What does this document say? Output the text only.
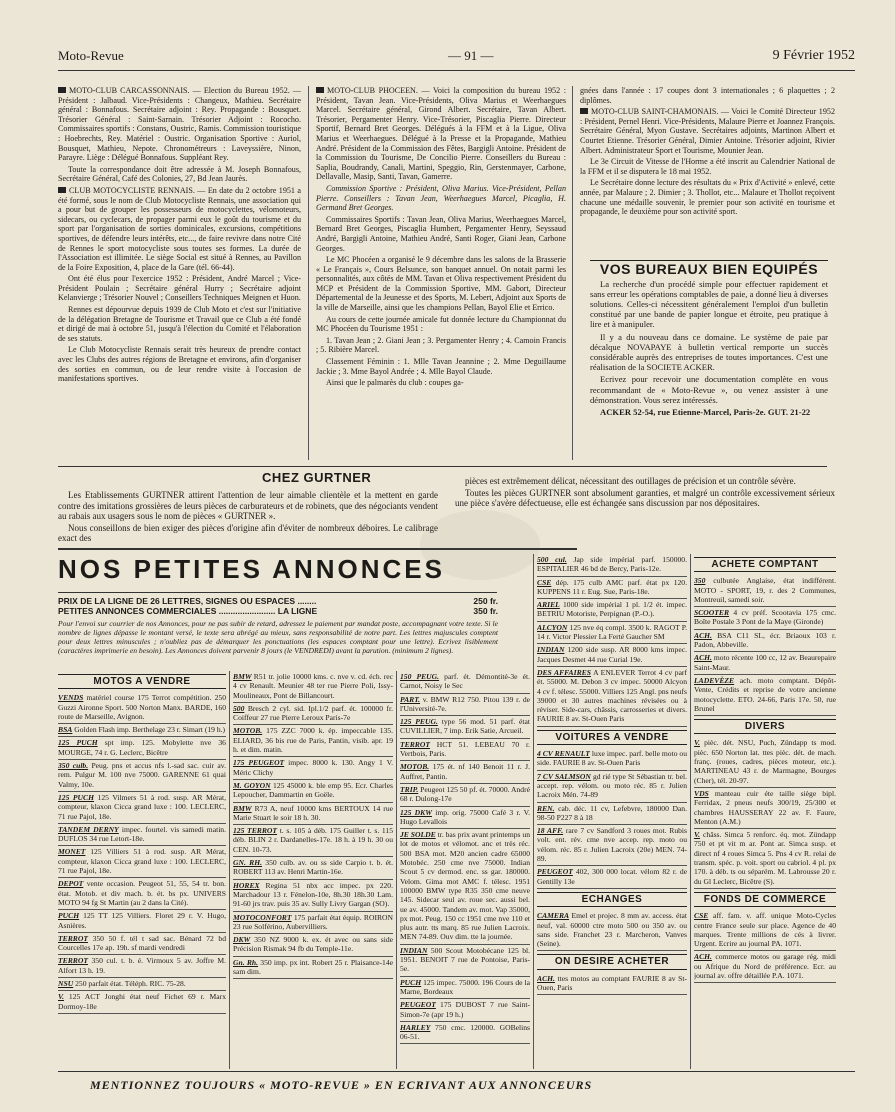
Moto-Revue	— 91 —	9 Février 1952

MOTO-CLUB CARCASSONNAIS. — Election du Bureau 1952. — Président : Jalbaud. Vice-Présidents : Changeux, Mathieu. Secrétaire général : Bonnafous. Secrétaire adjoint : Rey. Propagande : Bousquet. Trésorier Général : Saint-Sarnain. Trésorier Adjoint : Rococho. Commissaires sportifs : Constans, Oustric, Ramis. Commission touristique : Hoebrechts, Rey. Matériel : Oustric. Organisation Sportive : Auriol, Bousquet, Mathieu, Nepote. Chronométreurs : Laveyssière, Ninon, Parayre. Liège : Délégué Bonnafous. Suppléant Rey.

Toute la correspondance doit être adressée à M. Joseph Bonnafous, Secrétaire Général, Café des Colonies, 27, Bd Jean Jaurès.

CLUB MOTOCYCLISTE RENNAIS. — En date du 2 octobre 1951 a été formé, sous le nom de Club Motocycliste Rennais, une association qui a pour but de grouper les possesseurs de motocyclettes, vélomoteurs, sidecars, ou cyclecars, de propager parmi eux le goût du tourisme et du sport par l'organisation de sorties dominicales, excursions, compétitions sportives, de défendre leurs intérêts, etc..., de faire revivre dans notre Cité de Rennes le sport motocycliste sous toutes ses formes. La durée de l'Association est illimitée. Le siège Social est situé à Rennes, au Pavillon de la Foire Exposition, 4, place de la Gare (tél. 66-44).

Ont été élus pour l'exercice 1952 : Président, André Marcel ; Vice-Président Poulain ; Secrétaire général Hurry ; Secrétaire adjoint Kelanvierge ; Trésorier Nouvel ; Conseillers Techniques Meignen et Huon.

Rennes est dépourvue depuis 1939 de Club Moto et c'est sur l'initiative de la délégation Bretagne de Tourisme et Travail que ce Club a été fondé et dirigé de mai à octobre 51, jusqu'à l'élection du Comité et l'élaboration de ses statuts.

Le Club Motocycliste Rennais serait très heureux de prendre contact avec les Clubs des autres régions de Bretagne et environs, afin d'organiser des sorties en commun, ou de leur rendre visite à l'occasion de manifestations sportives.

MOTO-CLUB PHOCEEN. — Voici la composition du bureau 1952 : Président, Tavan Jean. Vice-Présidents, Oliva Marius et Weerhaegues Marcel. Secrétaire général, Girond Albert. Secrétaire, Tavan Albert. Trésorier, Pergamenter Henry. Vice-Trésorier, Piscaglia Pierre. Directeur Sportif, Bernard Bret Georges. Délégués à la FFM et à la Ligue, Oliva Marius et Weerhaegues. Délégué à la Presse et la Propagande, Mathieu André. Président de la Commission des Fêtes, Bargigli Antoine. Président de la Commission du Tourisme, De Concilio Pierre. Conseillers du Bureau : Saplia, Boudrandy, Canali, Martini, Speggio, Rin, Gerstenmayer, Carbone, Dellavalle, Masip, Santi, Tavan, Gamerre.

Commission Sportive : Président, Oliva Marius. Vice-Président, Pellan Pierre. Conseillers : Tavan Jean, Weerhaegues Marcel, Picaglia, H. Germand Bret Georges.

Commissaires Sportifs : Tavan Jean, Oliva Marius, Weerhaegues Marcel, Bernard Bret Georges, Piscaglia Humbert, Pergamenter Henry, Seyssaud André, Bargigli Antoine, Mathieu André, Santi Roger, Giani Jean, Carbone Georges.

Le MC Phocéen a organisé le 9 décembre dans les salons de la Brasserie « Le Français », Cours Belsunce, son banquet annuel. On notait parmi les personnalités, aux côtés de MM. Tavan et Oliva respectivement Président du MCP et Président de la Commission Sportive, MM. Gabort, Directeur Départemental de la Jeunesse et des Sports, M. Lebert, Adjoint aux Sports de la ville de Marseille, ainsi que les champions Pellan, Bayol Elie et Errico.

Au cours de cette journée amicale fut donnée lecture du Championnat du MC Phocéen du Tourisme 1951 :

1. Tavan Jean ; 2. Giani Jean ; 3. Pergamenter Henry ; 4. Camoin Francis ; 5. Ribière Marcel.

Classement Féminin : 1. Mlle Tavan Jeannine ; 2. Mme Deguillaume Jackie ; 3. Mme Bayol Andrée ; 4. Mlle Bayol Claude.

Ainsi que le palmarès du club : coupes ga-

gnées dans l'année : 17 coupes dont 3 internationales ; 6 plaquettes ; 2 diplômes.

MOTO-CLUB SAINT-CHAMONAIS. — Voici le Comité Directeur 1952 : Président, Pernel Henri. Vice-Présidents, Malaure Pierre et Joannez François. Secrétaire Général, Myon Gustave. Secrétaires adjoints, Martinon Albert et Courtet Etienne. Trésorier Général, Dimier Antoine. Trésorier adjoint, Rivier Albert. Administrateur Sport et Tourisme, Mounier Jean.

Le 3e Circuit de Vitesse de l'Horme a été inscrit au Calendrier National de la FFM et il se disputera le 18 mai 1952.

Le Secrétaire donne lecture des résultats du « Prix d'Activité » enlevé, cette année, par Malaure ; 2. Dimier ; 3. Thollot, etc... Malaure et Thollot reçoivent chacune une médaille souvenir, le premier pour son activité en tourisme et propagande, le deuxième pour son activité sport.

VOS BUREAUX BIEN EQUIPÉS

La recherche d'un procédé simple pour effectuer rapidement et sans erreur les opérations comptables de paie, a donné lieu à diverses solutions. Celles-ci nécessitent généralement l'emploi d'un bulletin constitué par une bande de papier longue et étroite, peu pratique à lire et à manipuler.

Il y a du nouveau dans ce domaine. Le système de paie par décalque NOVAPAYE à bulletin vertical remporte un succès considérable auprès des entreprises de toutes importances. C'est une réalisation de la SOCIETE ACKER.

Ecrivez pour recevoir une documentation complète en vous recommandant de « Moto-Revue », ou venez assister à une démonstration. Vous serez intéressés.

ACKER 52-54, rue Etienne-Marcel, Paris-2e. GUT. 21-22

CHEZ GURTNER

Les Etablissements GURTNER attirent l'attention de leur aimable clientèle et la mettent en garde contre des imitations grossières de leurs pièces de carburateurs et de robinets, que des négociants vendent au rabais aux usagers sous le nom de pièces « GURTNER ».

Nous conseillons de bien exiger des pièces d'origine afin d'éviter de nombreux déboires. Le calibrage exact des

pièces est extrêmement délicat, nécessitant des outillages de précision et un contrôle sévère.

Toutes les pièces GURTNER sont absolument garanties, et malgré un contrôle excessivement sérieux une pièce s'avère défectueuse, elle est échangée sans discussion par nos dépositaires.

NOS PETITES ANNONCES
PRIX DE LA LIGNE DE 26 LETTRES, SIGNES OU ESPACES ........	250 fr.
PETITES ANNONCES COMMERCIALES ........................ LA LIGNE	350 fr.
Pour l'envoi sur courrier de nos Annonces, pour ne pas subir de retard, adressez le paiement par mandat poste, accompagnant votre texte. Si le nombre de lignes dépasse le montant versé, le texte sera abrégé au mieux, sans responsabilité de notre part. Les lettres majuscules comptent pour deux lettres minuscules ; n'oubliez pas de démarquer les ponctuations (les espaces comptant pour une lettre). Ecrivez lisiblement (caractères imprimerie en besoin). Les Annonces doivent parvenir 8 jours (le VENDREDI) avant la parution. (minimum 2 lignes).
MOTOS A VENDRE
VENDS matériel course 175 Terrot compétition. 250 Guzzi Aironne Sport. 500 Norton Manx. BARDE, 160 route de Marseille, Avignon.
BSA Golden Flash imp. Berthelage 23 r. Simart (19 h.)
125 PUCH spt imp. 125. Mobylette nve 36 MOURGE, 74 r. G. Leclerc, Bicêtre
350 culb. Peug. pns et accus nfs l.-sad sac. cuir av. rem. Pulgur M. 100 nve 75000. GARENNE 61 quai Valmy, 10e.
125 PUCH 125 Vilmers 51 à rod. susp. AR Mérat, compteur, klaxon Cicca grand luxe : 100. LECLERC, 71 rue Pajol, 18e.
TANDEM DERNY impec. fourtel. vis samedi matin. DUFLOS 34 rue Letort-18e.
MONET 125 Villiers 51 à rod. susp. AR Mérat, compteur, klaxon Cicca grand luxe : 100. LECLERC, 71 rue Pajol, 18e.
DEPOT vente occasion. Peugeot 51, 55, 54 tr. bon. état. Motob. et div mach. b. ét. bs px. UNIVERS MOTO 94 fg St Martin (au 2 dans la Cité).
PUCH 125 TT 125 Villiers. Floret 29 r. V. Hugo, Asnières.
TERROT 350 50 f. tél t sad sac. Bénard 72 bd Courcelles 17e ap. 19h. sf mardi vendredi
TERROT 350 cul. t. b. é. Virmoux 5 av. Joffre M. Alfort 13 h. 19.
NSU 250 parfait état. Téléph. RIC. 75-28.
V. 125 ACT Jonghi état neuf Fichet 69 r. Marx Dormoy-18e
BMW R51 tr. jolie 10000 kms. c. nve v. cd. éch. rec 4 cv Renault. Meunier 48 ter rue Pierre Poli, Issy-Moulineaux, Pont de Billancourt.
500 Bresch 2 cyl. sid. Ipl.1/2 parf. ét. 100000 fr. Coiffeur 27 rue Pierre Leroux Paris-7e
MOTOB. 175 ZZC 7000 k. ép. impeccable 135. ELIARD, 36 bis rue de Paris, Pantin, visib. apr. 19 h. et dim. matin.
175 PEUGEOT impec. 8000 k. 130. Angy 1 V. Méric Clichy
M. GOYON 125 45000 k. ble emp 95. Ecr. Charles Lepoucher, Dammartin en Goële.
BMW R73 A, neuf 10000 kms BERTOUX 14 rue Marie Stuart le soir 18 h. 30.
125 TERROT t. s. 105 à déb. 175 Guiller t. s. 115 déb. BLIN 2 r. Dardanelles-17e. 18 h. à 19 h. 30 ou CEN. 10-73.
GN. RH. 350 culb. av. ou ss side Carpio t. b. ét. ROBERT 113 av. Henri Martin-16e.
HOREX Regina 51 nbx acc impec. px 220. Marchadour 13 r. Fénelon-10e, 8h.30 18h.30 Lam. 91-60 jrs trav. puis 35 av. Sully Livry Gargan (SO).
MOTOCONFORT 175 parfait état équip. ROIRON 23 rue Solférino, Aubervilliers.
DKW 350 NZ 9000 k. ex. ét avec ou sans side Précision Rismak 94 fb du Temple-11e.
Gn. Rh. 350 imp. px int. Robert 25 r. Plaisance-14e sam dim.
150 PEUG. parf. ét. Démontité-3e ét. Carnot, Noisy le Sec
PART. v. BMW R12 750. Pitou 139 r. de l'Université-7e.
125 PEUG. type 56 mod. 51 parf. état CUVILLIER, 7 imp. Erik Satie, Arcueil.
TERROT HCT 51. LEBEAU 70 r. Vertbois, Paris.
MOTOB. 175 ét. nf 140 Benoit 11 r. J. Auffret, Pantin.
TRIP. Peugeot 125 50 pf. ét. 70000. André 68 r. Dulong-17e
125 DKW imp. orig. 75000 Café 3 r. V. Hugo Levallois
JE SOLDE tr. bas prix avant printemps un lot de motos et vélomot. anc et très réc. 500 BSA mot. M20 ancien cadre 65000 Motobéc. 250 cme nve 75000. Indian Scout 5 cv dermod. enc. ss gar. 180000. Velom. Gima mot AMC f. télesc. 1951 100000 BMW type R35 350 cme neuve 145. Sidecar seul av. roue sec. aussi bel. ue av. 45000. Tandem av. mot. Vap 35000, px mot. Peug. 150 cc 1951 cme nve 110 et plus autr. tts marq. 85 rue Julien Lacroix. MEN 74-89. Ouv dim. tte la journée.
INDIAN 500 Scout Motobécane 125 bl. 1951. BENOIT 7 rue de Pontoise, Paris-5e.
PUCH 125 impec. 75000. 196 Cours de la Marne, Bordeaux
PEUGEOT 175 DUBOST 7 rue Saint-Simon-7e (apr 19 h.)
HARLEY 750 cmc. 120000. GOBelins 06-51.
500 cul. Jap side impérial parf. 150000. ESPITALIER 46 bd de Bercy, Paris-12e.
CSE dép. 175 culb AMC parf. état px 120. KUPPENS 11 r. Eug. Sue, Paris-18e.
ARIEL 1000 side impérial 1 pl. 1/2 ét. impec. BETRIU Motoriste, Perpignan (P.-O.).
ALCYON 125 nve éq compl. 3500 k. RAGOT P. 14 r. Victor Plessier La Ferté Gaucher SM
INDIAN 1200 side susp. AR 8000 kms impec. Jacques Desmet 44 rue Curial 19e.
DES AFFAIRES A ENLEVER Terrot 4 cv parf ét. 55000. M. Debon 3 cv impec. 50000 Alcyon 4 cv f. télesc. 55000. Villiers 125 Angl. pns neufs 39000 et 30 autres machines révisées ou à réviser. Side-cars, châssis, carrosseries et divers. FAURIE 8 av. St-Ouen Paris
VOITURES A VENDRE
4 CV RENAULT luxe impec. parf. belle moto ou side. FAURIE 8 av. St-Ouen Paris
7 CV SALMSON gd rié type St Sébastian tr. bel. accept. rep. vélom. ou moto réc. 85 r. Julien Lacroix Mén. 74-89
REN. cab. déc. 11 cv, Lefebvre, 180000 Dan. 98-50 P227 8 à 18
18 AFF. rare 7 cv Sandford 3 roues mot. Rubis volt. ent. rév. cme nve accep. rep. moto ou vélom. réc. 85 r. Julien Lacroix (20e) MEN. 74-89.
PEUGEOT 402, 300 000 locat. vélom 82 r. de Gentilly 13e
ECHANGES
CAMERA Emel et projec. 8 mm av. access. état neuf, val. 60000 ctre moto 500 ou 350 av. ou sans side. Franchet 23 r. Marcheron, Vanves (Seine).
ON DESIRE ACHETER
ACH. ttes motos au comptant FAURIE 8 av St-Ouen, Paris
ACHETE COMPTANT
350 culbutée Anglaise, état indifférent. MOTO - SPORT, 19, r. des 2 Communes, Montreuil, samedi soir.
SCOOTER 4 cv préf. Scootavia 175 cmc. Boîte Postale 3 Pont de la Maye (Gironde)
ACH. BSA C11 SL, écr. Briaoux 103 r. Padon, Abbeville.
ACH. moto récente 100 cc, 12 av. Beaurepaire Saint-Maur.
LADEVÈZE ach. moto comptant. Dépôt-Vente, Crédits et reprise de votre ancienne motocyclette. ETO. 24-66, Paris 17e. 50, rue Brunel
DIVERS
V. pièc. dét. NSU, Puch, Zündapp ts mod. pièc. 650 Norton lat. ttes pièc. dét. de mach. franç. (roues, cadres, pièces moteur, etc.). MARTINEAU 43 r. de Marmagne, Bourges (Cher), tél. 20-97.
VDS manteau cuir éte taille siège bipl. Ferridax, 2 pneus neufs 300/19, 25/300 et chambres HAUSSERAY 22 av. F. Faure, Menton (A.M.)
V. châss. Simca 5 renforc. éq. mot. Zündapp 750 et pt vit m ar. Pont ar. Simca susp. et direct nf 4 roues Simca 5. Pns 4 cv R. relai de transm. spéc. p. voit. sport ou cabriol. 4 pl. px 170. à déb. ts ou séparém. M. Labrousse 20 r. du Gl Leclerc, Bicêtre (S).
FONDS DE COMMERCE
CSE aff. fam. v. aff. unique Moto-Cycles centre France seule sur place. Agence de 40 marques. Trente millions de cés à livrer. Urgent. Ecrire au journal PA. 1071.
ACH. commerce motos ou garage rég. midi ou Afrique du Nord de préférence. Ecr. au journal av. offre détaillée P.A. 1071.
MENTIONNEZ TOUJOURS « MOTO-REVUE » EN ECRIVANT AUX ANNONCEURS
